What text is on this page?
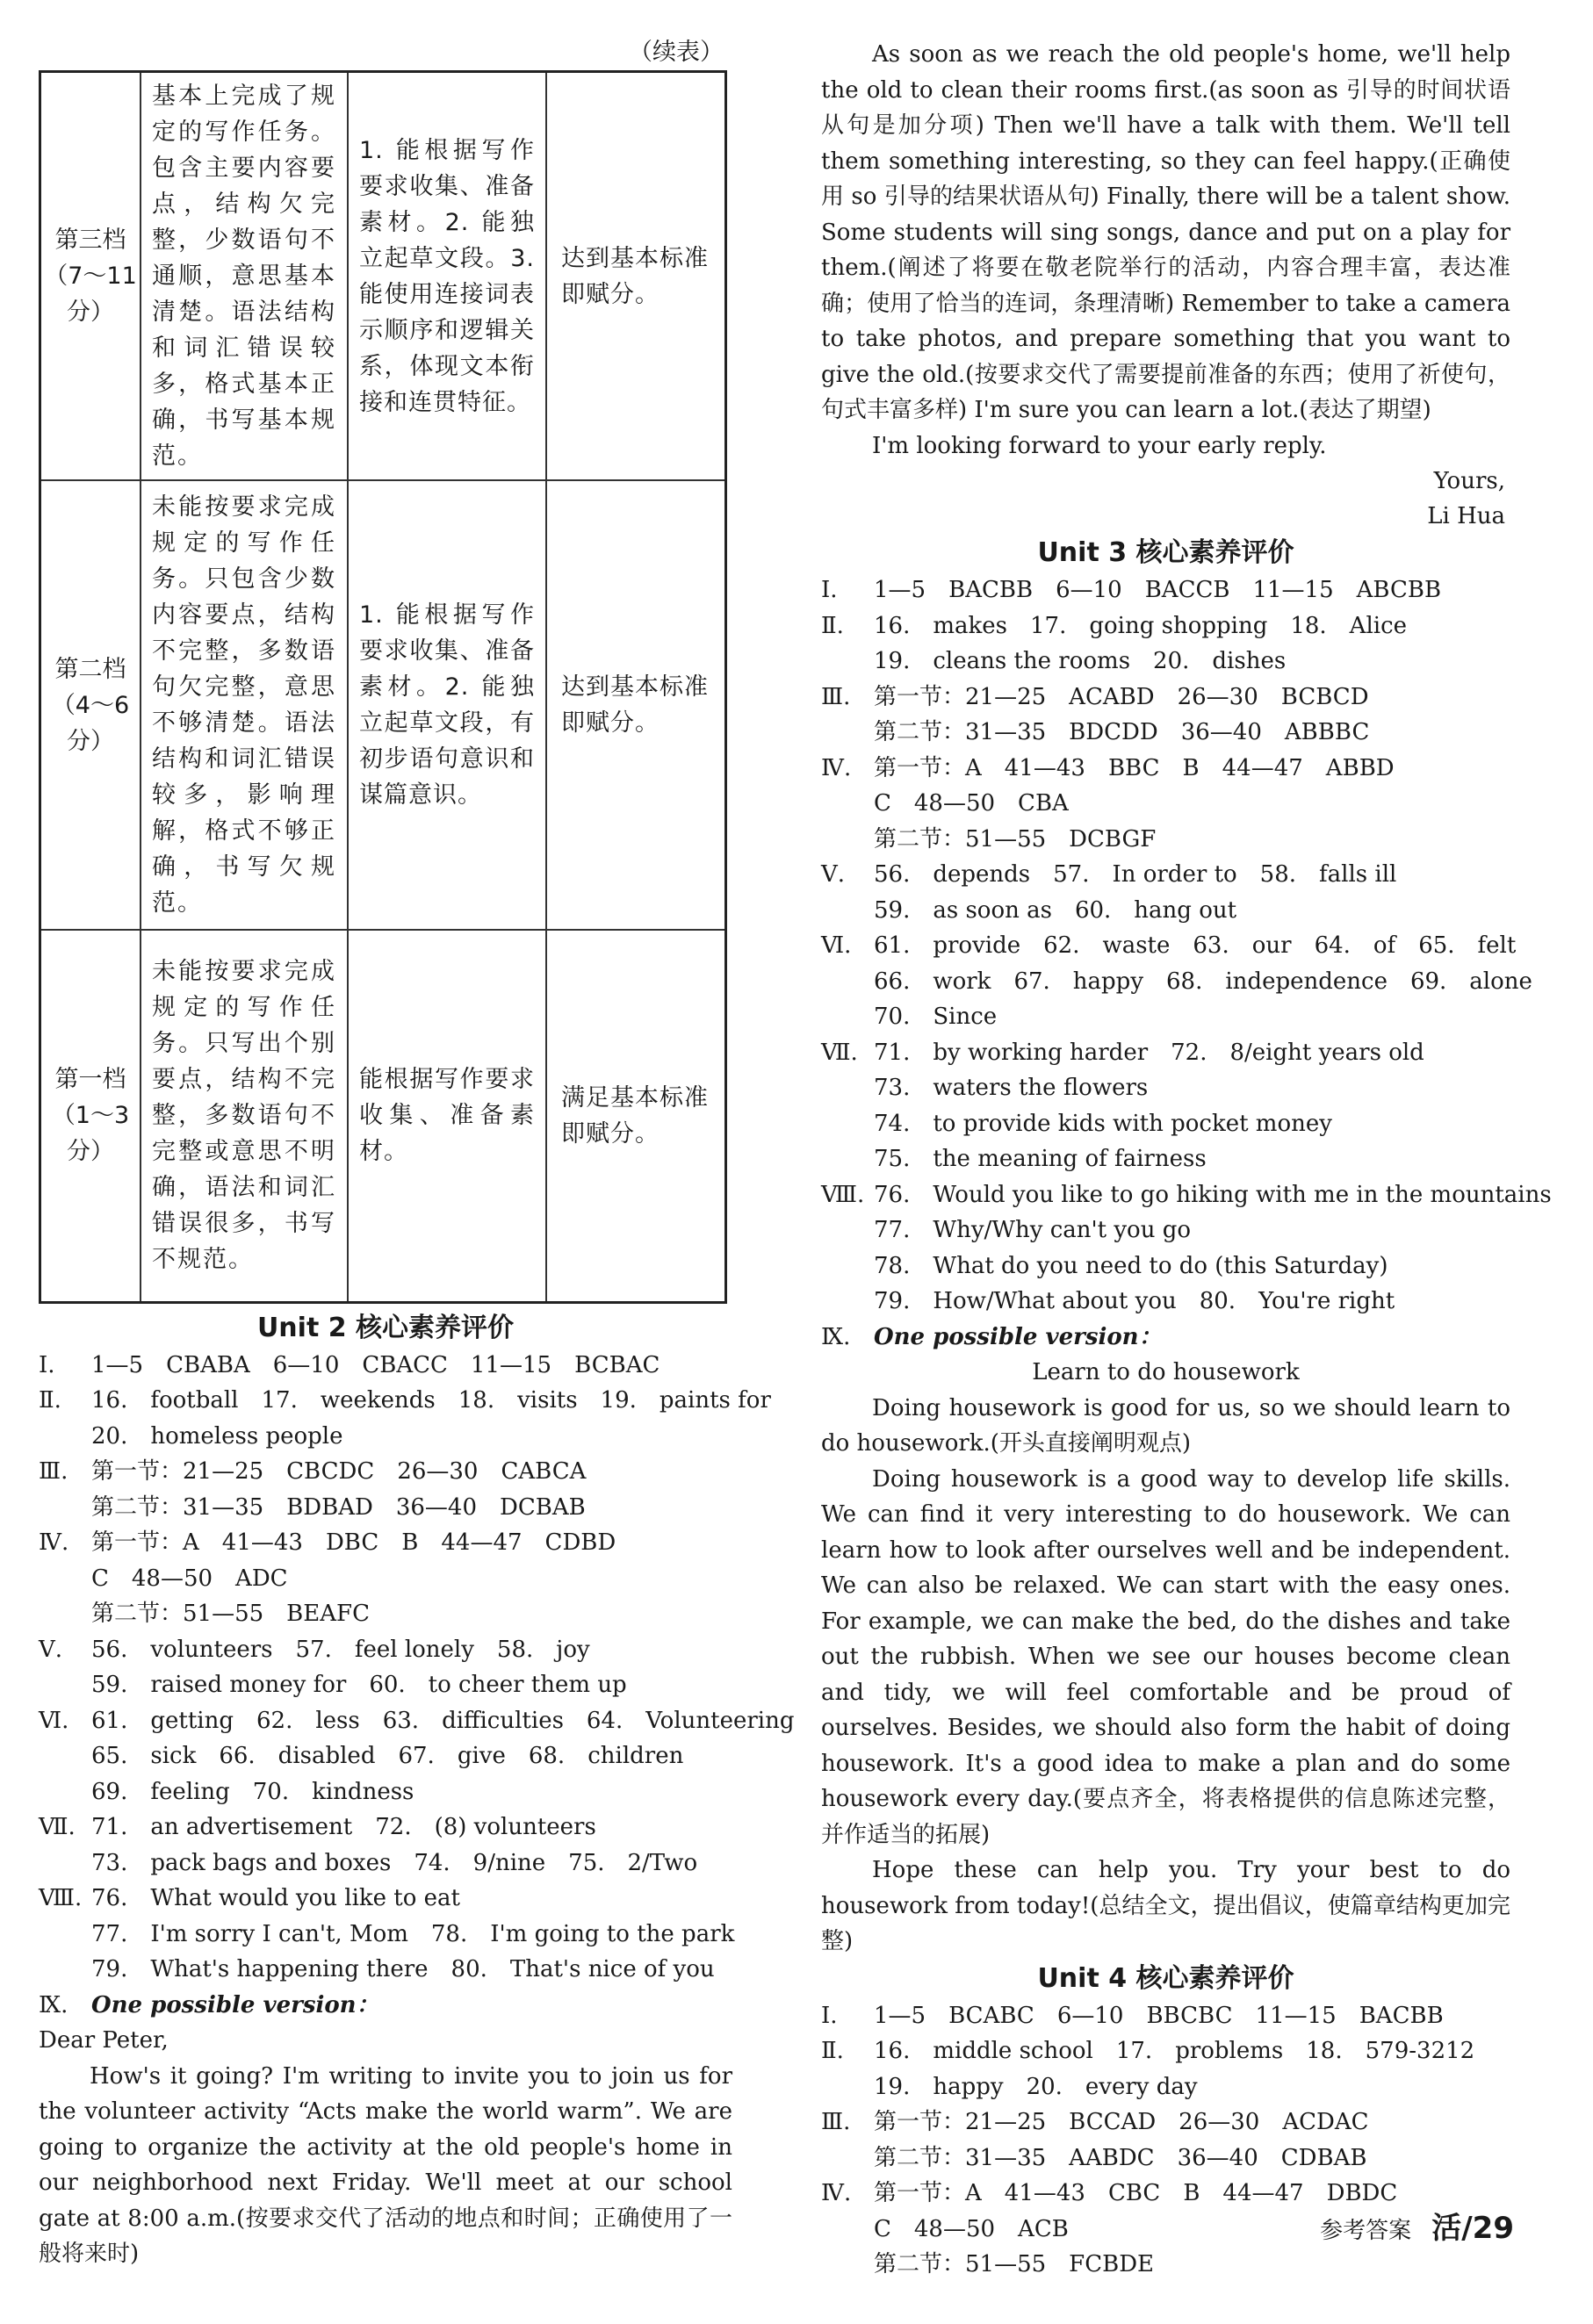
（续表）
第三档（7～11分）	基本上完成了规定的写作任务。包含主要内容要点，结构欠完整，少数语句不通顺，意思基本清楚。语法结构和词汇错误较多，格式基本正确，书写基本规范。	1. 能根据写作要求收集、准备素材。2. 能独立起草文段。3. 能使用连接词表示顺序和逻辑关系，体现文本衔接和连贯特征。	达到基本标准即赋分。
第二档（4～6分）	未能按要求完成规定的写作任务。只包含少数内容要点，结构不完整，多数语句欠完整，意思不够清楚。语法结构和词汇错误较多，影响理解，格式不够正确，书写欠规范。	1. 能根据写作要求收集、准备素材。2. 能独立起草文段，有初步语句意识和谋篇意识。	达到基本标准即赋分。
第一档（1～3分）	未能按要求完成规定的写作任务。只写出个别要点，结构不完整，多数语句不完整或意思不明确，语法和词汇错误很多，书写不规范。	能根据写作要求收集、准备素材。	满足基本标准即赋分。
Unit 2 核心素养评价
Ⅰ. 1—5　CBABA　6—10　CBACC　11—15　BCBAC
Ⅱ. 16.　football　17.　weekends　18.　visits　19.　paints for
20.　homeless people
Ⅲ. 第一节：21—25　CBCDC　26—30　CABCA
第二节：31—35　BDBAD　36—40　DCBAB
Ⅳ. 第一节：A　41—43　DBC　B　44—47　CDBD
C　48—50　ADC
第二节：51—55　BEAFC
Ⅴ. 56.　volunteers　57.　feel lonely　58.　joy
59.　raised money for　60.　to cheer them up
Ⅵ. 61.　getting　62.　less　63.　difficulties　64.　Volunteering
65.　sick　66.　disabled　67.　give　68.　children
69.　feeling　70.　kindness
Ⅶ. 71.　an advertisement　72.　(8) volunteers
73.　pack bags and boxes　74.　9/nine　75.　2/Two
Ⅷ. 76.　What would you like to eat
77.　I'm sorry I can't, Mom　78.　I'm going to the park
79.　What's happening there　80.　That's nice of you
Ⅸ. One possible version：
Dear Peter,

How's it going? I'm writing to invite you to join us for the volunteer activity “Acts make the world warm”. We are going to organize the activity at the old people's home in our neighborhood next Friday. We'll meet at our school gate at 8:00 a.m.(按要求交代了活动的地点和时间；正确使用了一般将来时)

As soon as we reach the old people's home, we'll help the old to clean their rooms first.(as soon as 引导的时间状语从句是加分项) Then we'll have a talk with them. We'll tell them something interesting, so they can feel happy.(正确使用 so 引导的结果状语从句) Finally, there will be a talent show. Some students will sing songs, dance and put on a play for them.(阐述了将要在敬老院举行的活动，内容合理丰富，表达准确；使用了恰当的连词，条理清晰) Remember to take a camera to take photos, and prepare something that you want to give the old.(按要求交代了需要提前准备的东西；使用了祈使句，句式丰富多样) I'm sure you can learn a lot.(表达了期望)

I'm looking forward to your early reply.

Yours,
Li Hua
Unit 3 核心素养评价
Ⅰ. 1—5　BACBB　6—10　BACCB　11—15　ABCBB
Ⅱ. 16.　makes　17.　going shopping　18.　Alice
19.　cleans the rooms　20.　dishes
Ⅲ. 第一节：21—25　ACABD　26—30　BCBCD
第二节：31—35　BDCDD　36—40　ABBBC
Ⅳ. 第一节：A　41—43　BBC　B　44—47　ABBD
C　48—50　CBA
第二节：51—55　DCBGF
Ⅴ. 56.　depends　57.　In order to　58.　falls ill
59.　as soon as　60.　hang out
Ⅵ. 61.　provide　62.　waste　63.　our　64.　of　65.　felt
66.　work　67.　happy　68.　independence　69.　alone
70.　Since
Ⅶ. 71.　by working harder　72.　8/eight years old
73.　waters the flowers
74.　to provide kids with pocket money
75.　the meaning of fairness
Ⅷ. 76.　Would you like to go hiking with me in the mountains
77.　Why/Why can't you go
78.　What do you need to do (this Saturday)
79.　How/What about you　80.　You're right
Ⅸ. One possible version：
Learn to do housework

Doing housework is good for us, so we should learn to do housework.(开头直接阐明观点)

Doing housework is a good way to develop life skills. We can find it very interesting to do housework. We can learn how to look after ourselves well and be independent. We can also be relaxed. We can start with the easy ones. For example, we can make the bed, do the dishes and take out the rubbish. When we see our houses become clean and tidy, we will feel comfortable and be proud of ourselves. Besides, we should also form the habit of doing housework. It's a good idea to make a plan and do some housework every day.(要点齐全，将表格提供的信息陈述完整，并作适当的拓展)

Hope these can help you. Try your best to do housework from today!(总结全文，提出倡议，使篇章结构更加完整)

Unit 4 核心素养评价
Ⅰ. 1—5　BCABC　6—10　BBCBC　11—15　BACBB
Ⅱ. 16.　middle school　17.　problems　18.　579-3212
19.　happy　20.　every day
Ⅲ. 第一节：21—25　BCCAD　26—30　ACDAC
第二节：31—35　AABDC　36—40　CDBAB
Ⅳ. 第一节：A　41—43　CBC　B　44—47　DBDC
C　48—50　ACB
第二节：51—55　FCBDE
参考答案 活/29
